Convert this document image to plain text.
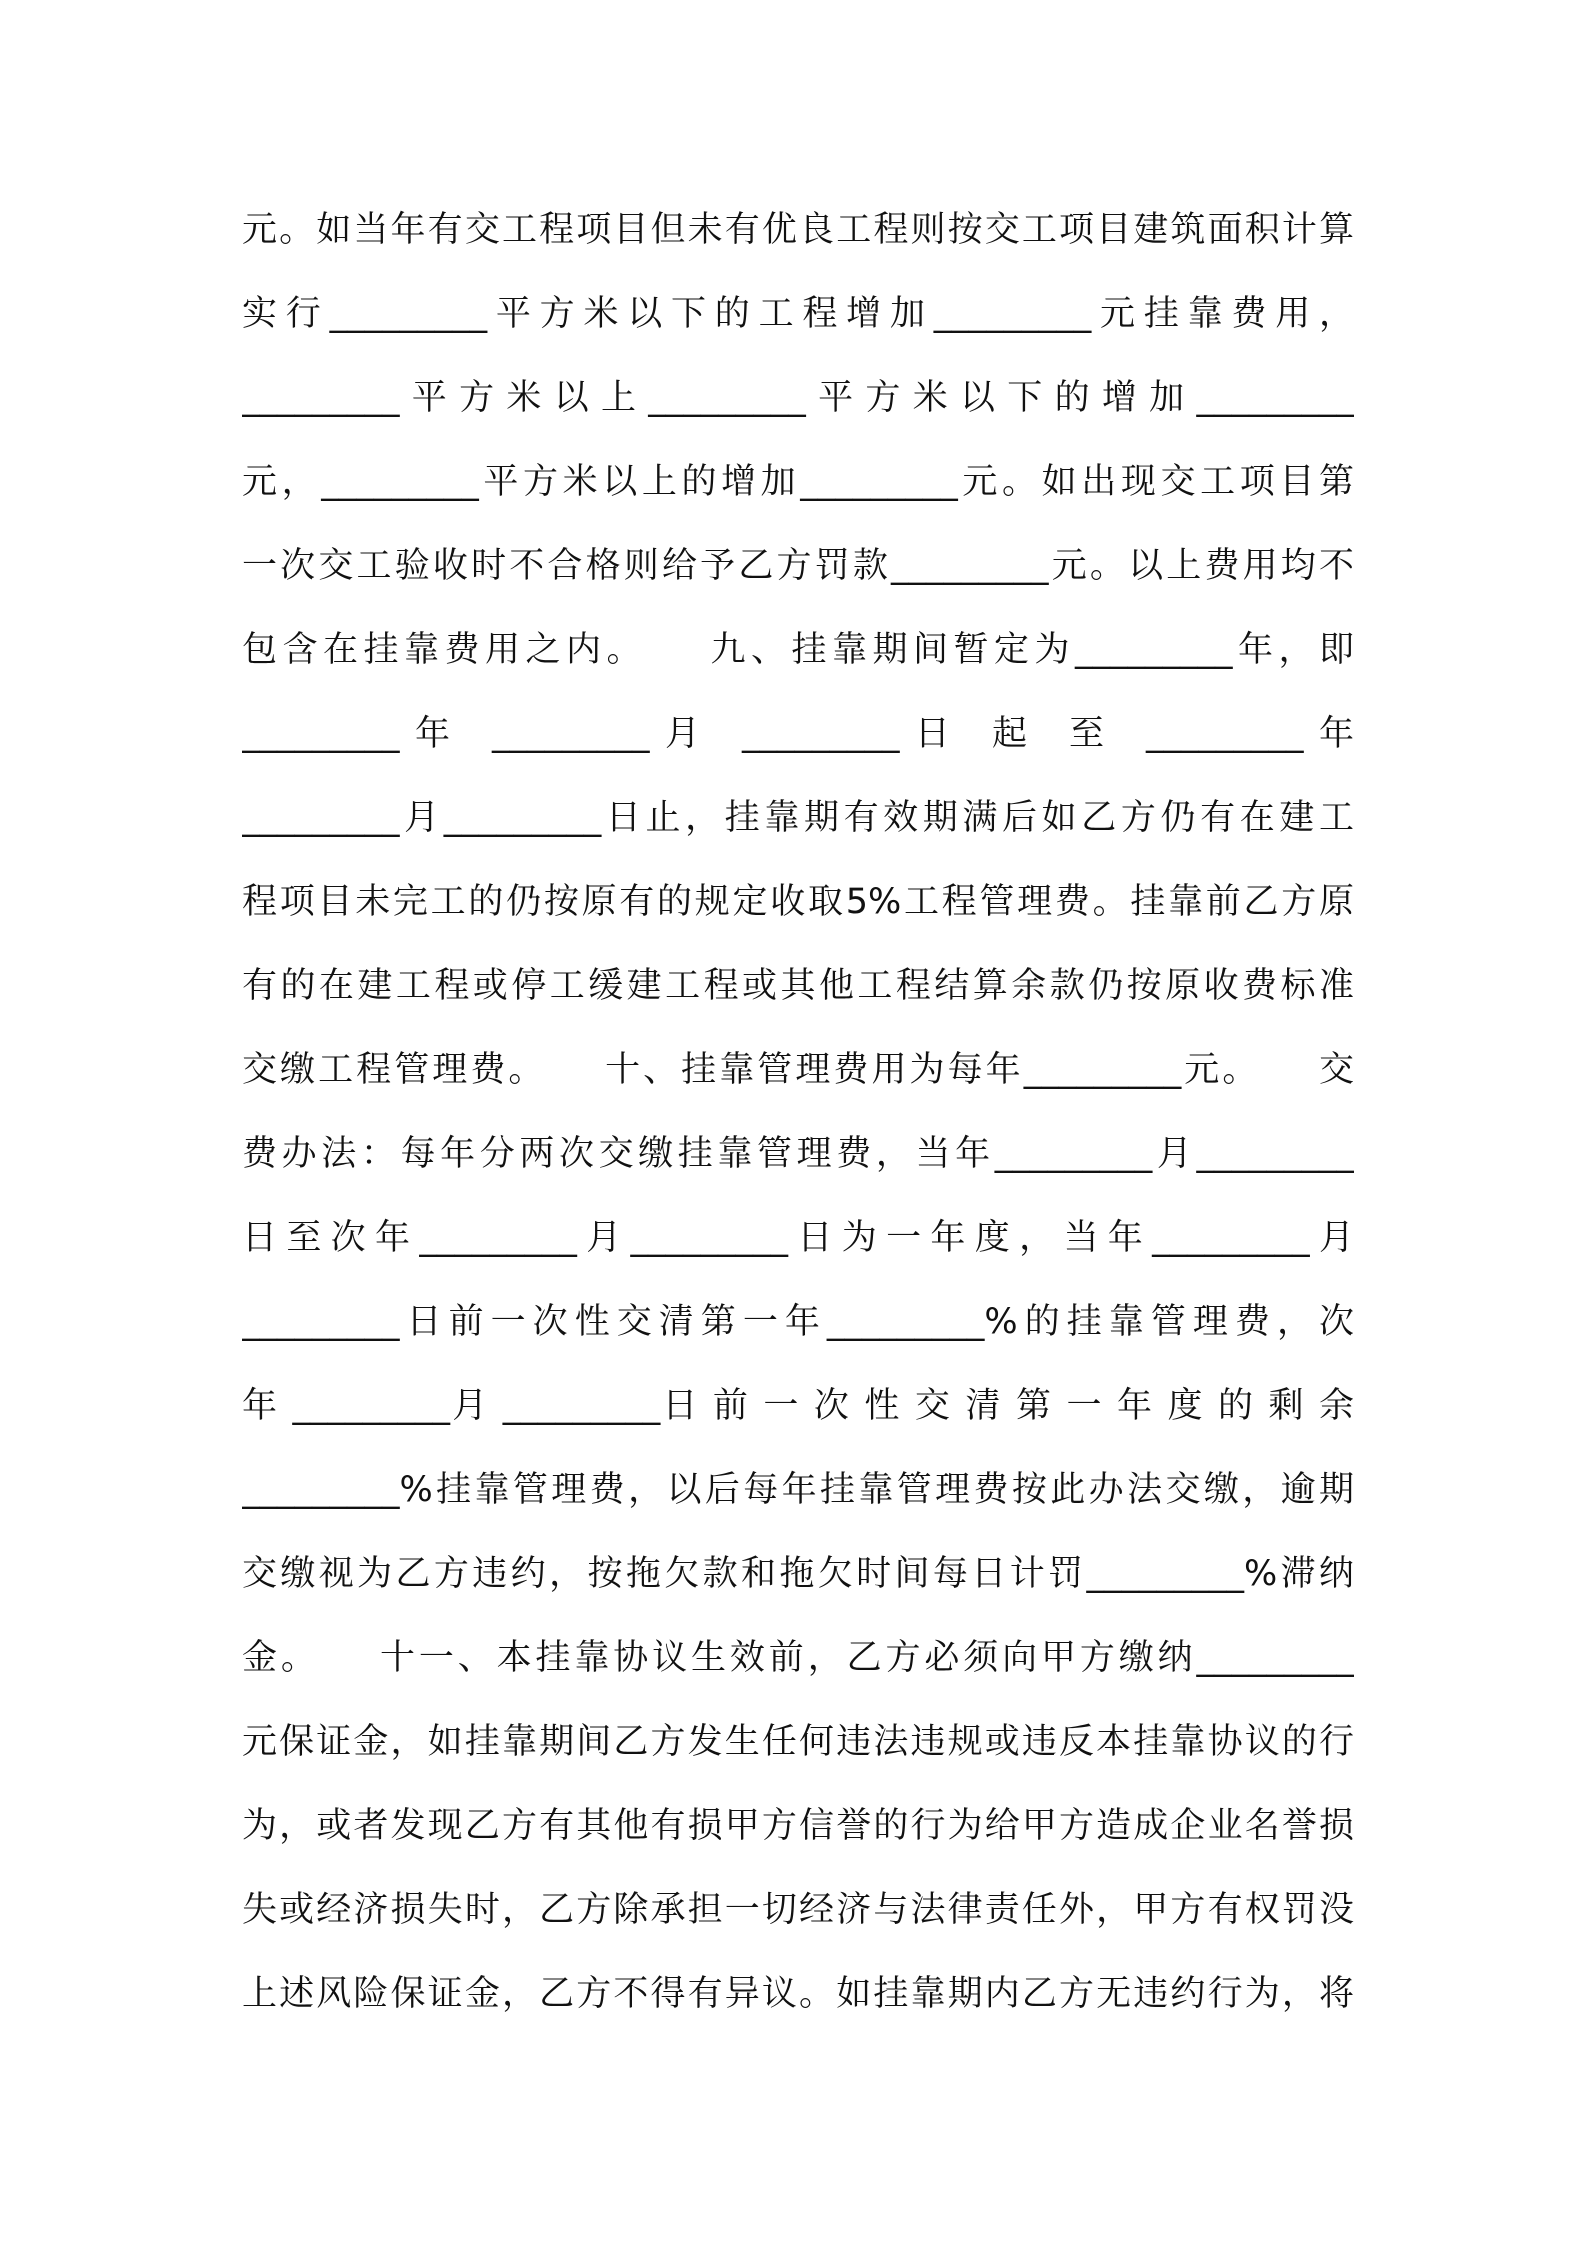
元。如当年有交工程项目但未有优良工程则按交工项目建筑面积计算
实行_________平方米以下的工程增加_________元挂靠费用，
_________平方米以上_________平方米以下的增加_________
元，_________平方米以上的增加_________元。如出现交工项目第
一次交工验收时不合格则给予乙方罚款_________元。以上费用均不
包含在挂靠费用之内。　　九、挂靠期间暂定为_________年，即
_________年 _________月 _________日 起 至 _________年
_________月_________日止，挂靠期有效期满后如乙方仍有在建工
程项目未完工的仍按原有的规定收取5%工程管理费。挂靠前乙方原
有的在建工程或停工缓建工程或其他工程结算余款仍按原收费标准
交缴工程管理费。　　十、挂靠管理费用为每年_________元。　　交
费办法：每年分两次交缴挂靠管理费，当年_________月_________
日至次年_________月_________日为一年度，当年_________月
_________日前一次性交清第一年_________%的挂靠管理费，次
年 _________月 _________日 前 一 次 性 交 清 第 一 年 度 的 剩 余
_________%挂靠管理费，以后每年挂靠管理费按此办法交缴，逾期
交缴视为乙方违约，按拖欠款和拖欠时间每日计罚_________%滞纳
金。　　十一、本挂靠协议生效前，乙方必须向甲方缴纳_________
元保证金，如挂靠期间乙方发生任何违法违规或违反本挂靠协议的行
为，或者发现乙方有其他有损甲方信誉的行为给甲方造成企业名誉损
失或经济损失时，乙方除承担一切经济与法律责任外，甲方有权罚没
上述风险保证金，乙方不得有异议。如挂靠期内乙方无违约行为，将
